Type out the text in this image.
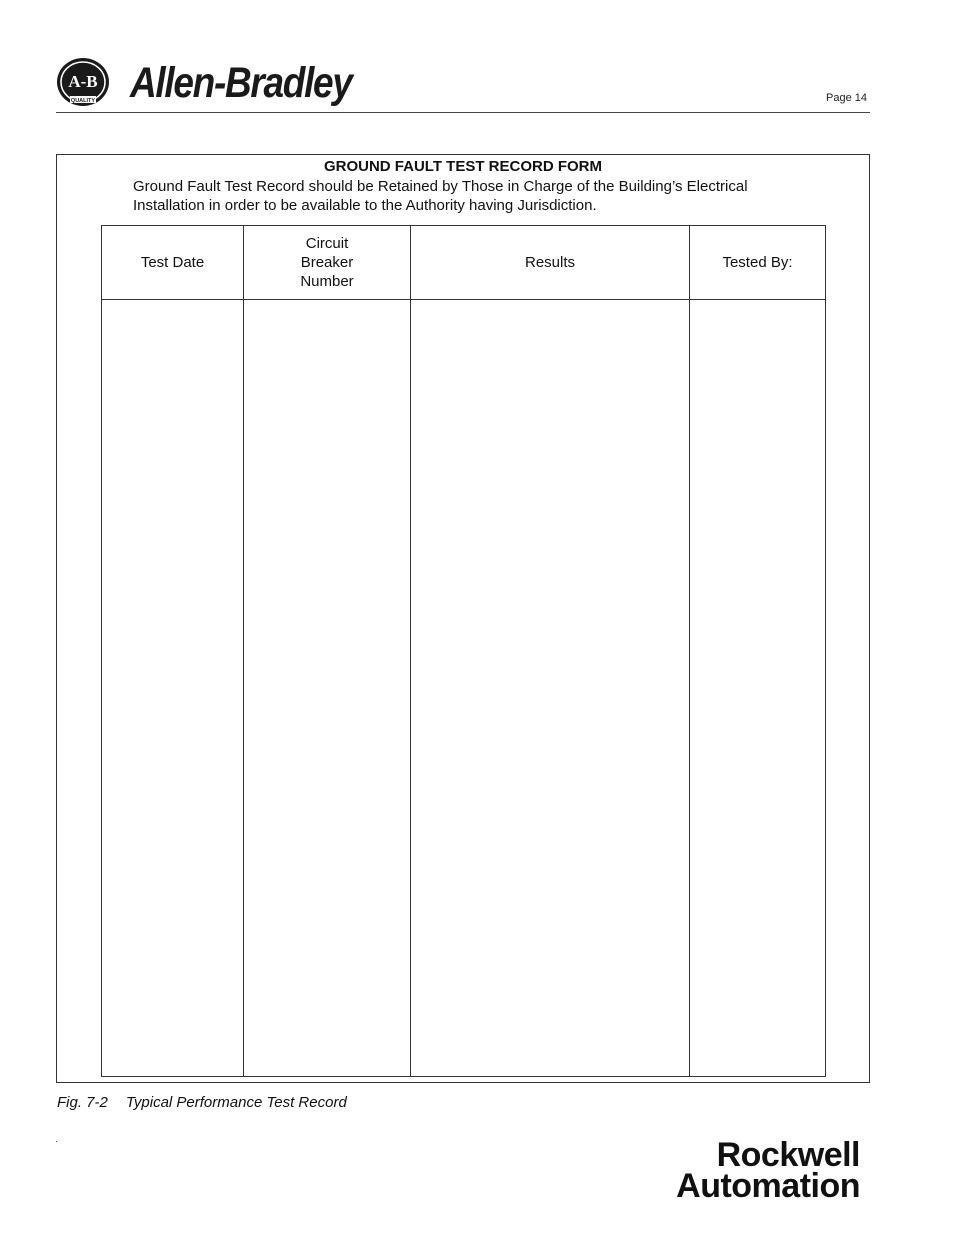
A-B
QUALITY Allen-Bradley	Page 14
GROUND FAULT TEST RECORD FORM
Ground Fault Test Record should be Retained by Those in Charge of the Building’s Electrical Installation in order to be available to the Authority having Jurisdiction.
Test Date
Circuit
Breaker
Number
Results	Tested By:
Fig. 7-2 Typical Performance Test Record
Rockwell
Automation
